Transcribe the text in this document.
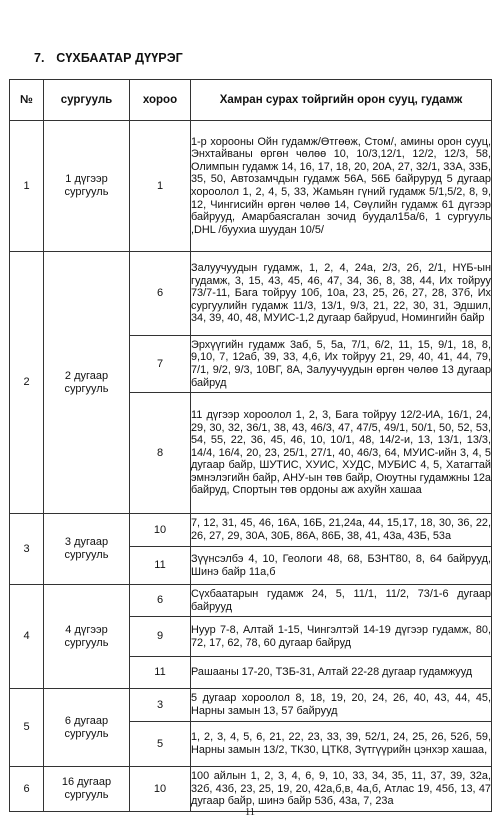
7. СҮХБААТАР ДҮҮРЭГ
№	сургууль	хороо	Хамран сурах тойргийн орон сууц, гудамж
1	1 дүгээр сургууль	1	1-р хорооны Ойн гудамж/Өтгөөж, Стом/, амины орон сууц, Энхтайваны өргөн чөлөө 10, 10/3,12/1, 12/2, 12/3, 58, Олимпын гудамж 14, 16, 17, 18, 20, 20А, 27, 32/1, 33А, 33Б, 35, 50, Автозамчдын гудамж 56А, 56Б байруруд 5 дугаар хороолол 1, 2, 4, 5, 33, Жамьян гүний гудамж 5/1,5/2, 8, 9, 12, Чингисийн өргөн чөлөө 14, Сөүлийн гудамж 61 дүгээр байрууд, Амарбаясгалан зочид буудал15а/6, 1 сургууль ,DHL /буухиа шуудан 10/5/
2	2 дугаар сургууль	6	Залуучуудын гудамж, 1, 2, 4, 24а, 2/3, 2б, 2/1, НҮБ-ын гудамж, 3, 15, 43, 45, 46, 47, 34, 36, 8, 38, 44, Их тойруу 73/7-11, Бага тойруу 10б, 10а, 23, 25, 26, 27, 28, 37б, Их сургуулийн гудамж 11/3, 13/1, 9/3, 21, 22, 30, 31, Эдшил, 34, 39, 40, 48, МУИС-1,2 дугаар байруud, Номингийн байр
		7	Эрхүүгийн гудамж 3аб, 5, 5а, 7/1, 6/2, 11, 15, 9/1, 18, 8, 9,10, 7, 12аб, 39, 33, 4,6, Их тойруу 21, 29, 40, 41, 44, 79, 7/1, 9/2, 9/3, 10ВГ, 8А, Залуучуудын өргөн чөлөө 13 дугаар байруд
		8	11 дүгээр хороолол 1, 2, 3, Бага тойруу 12/2-ИА, 16/1, 24, 29, 30, 32, 36/1, 38, 43, 46/3, 47, 47/5, 49/1, 50/1, 50, 52, 53, 54, 55, 22, 36, 45, 46, 10, 10/1, 48, 14/2-и, 13, 13/1, 13/3, 14/4, 16/4, 20, 23, 25/1, 27/1, 40, 46/3, 64, МУИС-ийн 3, 4, 5 дугаар байр, ШУТИС, ХУИС, ХУДС, МУБИС 4, 5, Хатагтай эмнэлэгийн байр, АНУ-ын төв байр, Оюутны гудамжны 12а байруд, Спортын төв ордоны аж ахуйн хашаа
3	3 дугаар сургууль	10	7, 12, 31, 45, 46, 16А, 16Б, 21,24а, 44, 15,17, 18, 30, 36, 22, 26, 27, 29, 30А, 30Б, 86А, 86Б, 38, 41, 43а, 43Б, 53а
		11	Зүүнсэлбэ 4, 10, Геологи 48, 68, БЗНТ80, 8, 64 байрууд, Шинэ байр 11а,б
4	4 дүгээр сургууль	6	Сүхбаатарын гудамж 24, 5, 11/1, 11/2, 73/1-6 дугаар байрууд
		9	Нуур 7-8, Алтай 1-15, Чингэлтэй 14-19 дүгээр гудамж, 80, 72, 17, 62, 78, 60 дугаар байруд
		11	Рашааны 17-20, ТЗБ-31, Алтай 22-28 дугаар гудамжууд
5	6 дугаар сургууль	3	5 дугаар хороолол 8, 18, 19, 20, 24, 26, 40, 43, 44, 45, Нарны замын 13, 57 байрууд
		5	1, 2, 3, 4, 5, 6, 21, 22, 23, 33, 39, 52/1, 24, 25, 26, 52б, 59, Нарны замын 13/2, ТК30, ЦТК8, Зүтгүүрийн цэнхэр хашаа,
6	16 дугаар сургууль	10	100 айлын 1, 2, 3, 4, 6, 9, 10, 33, 34, 35, 11, 37, 39, 32а, 32б, 43б, 23, 25, 19, 20, 42а,б,в, 4а,б, Атлас 19, 45б, 13, 47 дугаар байр, шинэ байр 53б, 43а, 7, 23а
11
